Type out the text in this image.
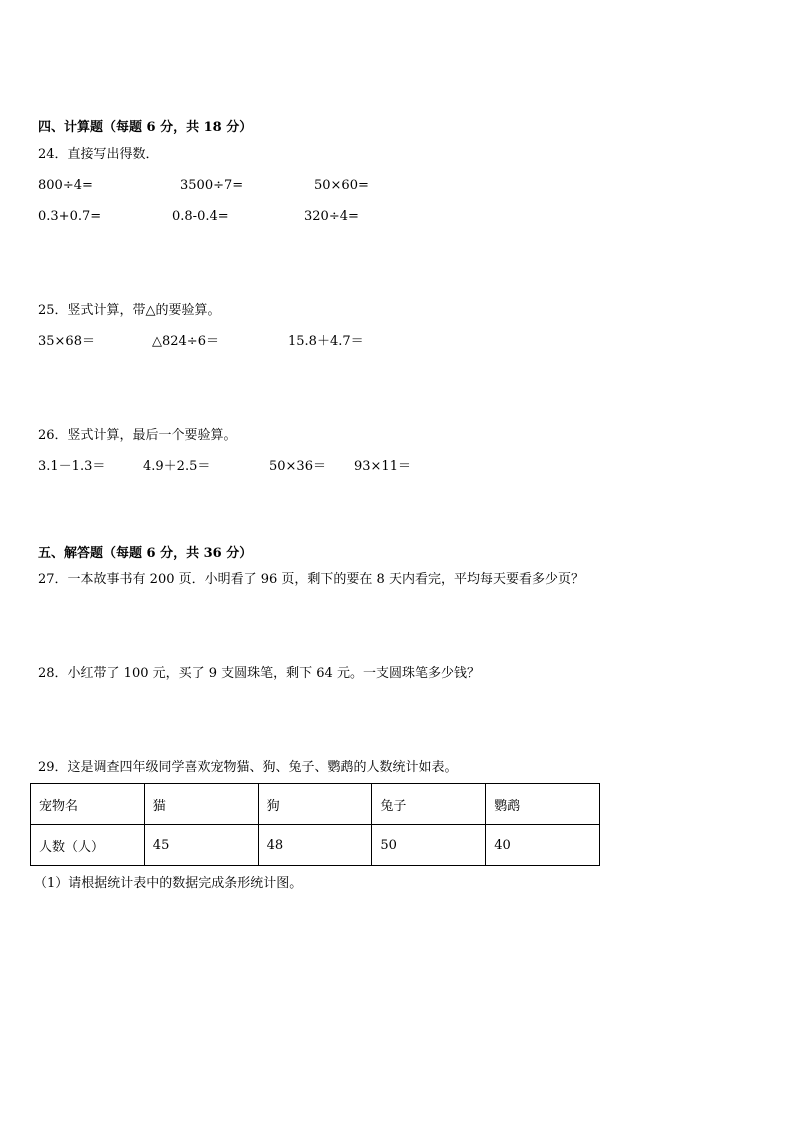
四、计算题（每题 6 分，共 18 分）
24．直接写出得数．
800÷4=	3500÷7=	50×60=
0.3+0.7=	0.8-0.4=	320÷4=
25．竖式计算，带△的要验算。
35×68＝	△824÷6＝	15.8＋4.7＝
26．竖式计算，最后一个要验算。
3.1－1.3＝	4.9＋2.5＝	50×36＝ 93×11＝
五、解答题（每题 6 分，共 36 分）
27．一本故事书有 200 页．小明看了 96 页，剩下的要在 8 天内看完，平均每天要看多少页？
28．小红带了 100 元，买了 9 支圆珠笔，剩下 64 元。一支圆珠笔多少钱？
29．这是调查四年级同学喜欢宠物猫、狗、兔子、鹦鹉的人数统计如表。
宠物名	猫	狗	兔子	鹦鹉
人数（人）	45	48	50	40
（1）请根据统计表中的数据完成条形统计图。
